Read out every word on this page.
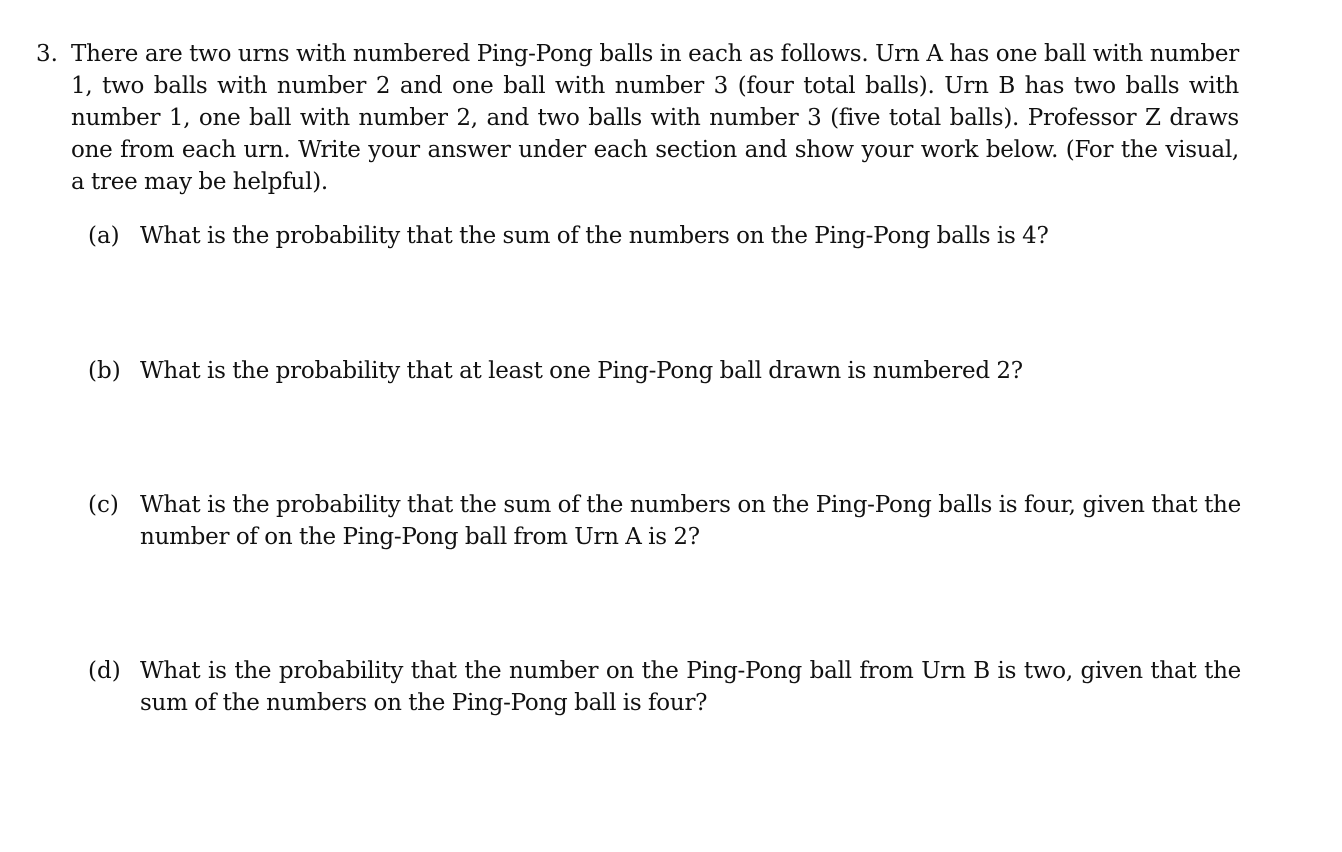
3. There are two urns with numbered Ping-Pong balls in each as follows. Urn A has one ball with number 1, two balls with number 2 and one ball with number 3 (four total balls). Urn B has two balls with number 1, one ball with number 2, and two balls with number 3 (five total balls). Professor Z draws one from each urn. Write your answer under each section and show your work below. (For the visual, a tree may be helpful).
(a) What is the probability that the sum of the numbers on the Ping-Pong balls is 4?
(b) What is the probability that at least one Ping-Pong ball drawn is numbered 2?
(c) What is the probability that the sum of the numbers on the Ping-Pong balls is four, given that the number of on the Ping-Pong ball from Urn A is 2?
(d) What is the probability that the number on the Ping-Pong ball from Urn B is two, given that the sum of the numbers on the Ping-Pong ball is four?
